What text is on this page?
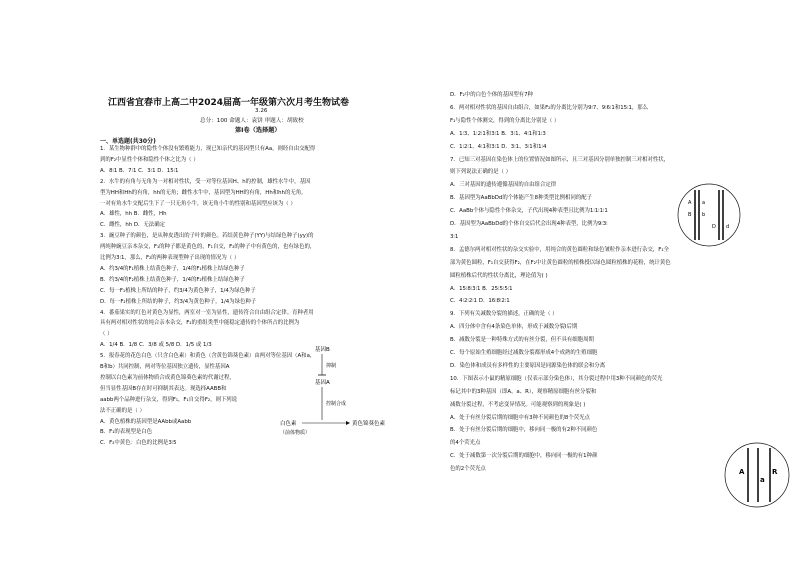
江西省宜春市上高二中2024届高一年级第六次月考生物试卷
3.26
总分：100 命题人：袁饼 审题人：胡致校
第Ⅰ卷（选择题）
一、单选题(共30分)
1．某生物种群中的隐性个体没有繁殖能力，现已知亲代的基因型只有Aa，则经自由交配得
到的F₂中显性个体和隐性个体之比为（ ）
A．8∶1 B．7∶1 C．3∶1 D．15∶1
2．水牛的有角与无角为一对相对性状，受一对等位基因H、h的控制，雄性水牛中，基因
型为HH和Hh的有角，hh的无角；雌性水牛中，基因型为HH的有角，Hh和hh的无角。
一对有角水牛交配后生下了一只无角小牛，该无角小牛的性别和基因型应该为（ ）
A．雄性，hh B．雌性，Hh
C．雌性，hh D．无法确定
3．豌豆种子的颜色，是从种皮透出的子叶的颜色。若结黄色种子(YY)与结绿色种子(yy)的
两纯种豌豆亲本杂交，F₁的种子都是黄色的，F₁自交，F₂的种子中有黄色的，也有绿色的，
比例为3∶1，那么，F₂的两种表现型种子出现的情况为（ ）
A．约3/4的F₁植株上结黄色种子，1/4的F₁植株上结绿色种子
B．约3/4的F₂植株上结黄色种子，1/4的F₂植株上结绿色种子
C．每一F₁植株上所结的种子，约3/4为黄色种子，1/4为绿色种子
D．每一F₂植株上所结的种子，约3/4为黄色种子，1/4为绿色种子
4．番茄果实的红色对黄色为显性，两室对一室为显性，遗传符合自由组合定律。育种者用
具有两对相对性状的纯合亲本杂交，F₂的重组类型中能稳定遗传的个体所占的比例为
（ ）
A．1/4 B．1/8 C．3/8 或 5/8 D．1/5 或 1/3
5．报春花的花色白色（只含白色素）和黄色（含黄色锦葵色素）由两对等位基因（A和a，
B和b）共同控制，两对等位基因独立遗传，显性基因A
控制以白色素为前体物质合成黄色锦葵色素的代谢过程，
但当显性基因B存在时可抑制其表达。现选择AABB和
aabb两个品种进行杂交，得到F₁，F₁自交得F₂，则下列说
法不正确的是（ ）
A．黄色植株的基因型是AAbb或Aabb
B．F₁的表现型是白色
C．F₂中黄色：白色的比例是3∶5
基因B
抑制
基因A
控制合成
白色素
（前体物质）
黄色锦葵色素
D．F₂中的白色个体的基因型有7种
6．两对相对性状的基因自由组合，如果F₂的分离比分别为9∶7、9∶6∶1和15∶1，那么
F₁与隐性个体测交，得到的分离比分别是（ ）
A．1∶3、1∶2∶1和3∶1 B．3∶1、4∶1和1∶3
C．1∶2∶1、4∶1和3∶1 D．3∶1、3∶1和1∶4
7．已知三对基因在染色体上的位置情况如图所示，且三对基因分别单独控制三对相对性状，
则下列说法正确的是（ ）
A．三对基因的遗传遵循基因的自由组合定律
B．基因型为AaBbDd的个体能产生8种类型比例相同的配子
C．AaBb个体与隐性个体杂交，子代出现4种表型且比例为1∶1∶1∶1
D．基因型为AaBbDd的个体自交后代会出现4种表型，比例为9∶3∶
3∶1
8．孟德尔两对相对性状的杂交实验中，用纯合的黄色圆粒和绿色皱粒作亲本进行杂交，F₁全
部为黄色圆粒，F₁自交获得F₂，在F₂中让黄色圆粒的植株授以绿色圆粒植株的花粉，统计黄色
圆粒植株后代的性状分离比，理论值为( )
A．15∶8∶3∶1 B．25∶5∶5∶1
C．4∶2∶2∶1 D．16∶8∶2∶1
9．下列有关减数分裂的描述，正确的是（ ）
A．四分体中含有4条染色单体，形成于减数分裂Ⅰ后期
B．减数分裂是一种特殊方式的有丝分裂，但不具有细胞周期
C．每个原始生殖细胞经过减数分裂都形成4个成熟的生殖细胞
D．染色体和成员有多样性的主要原因是同源染色体的联会和分离
10．下图表示小鼠的精原细胞（仅表示部分染色体），其分裂过程中用3种不同颜色的荧光
标记其中的3种基因（即A、a、R），观察精原细胞有丝分裂和
减数分裂过程，不考虑变异情况。可能观察到的现象是( )
A．处于有丝分裂后期的细胞中有3种不同颜色的8个荧光点
B．处于有丝分裂后期的细胞中，移向同一极的有2种不同颜色
的4个荧光点
C．处于减数第一次分裂后期的细胞中，移向同一极的有1种颜
色的2个荧光点
A a
B b
D d
A
a
R
